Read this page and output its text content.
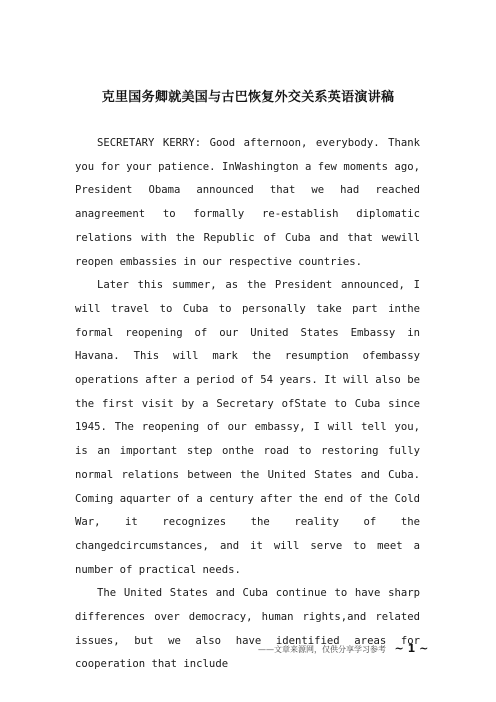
克里国务卿就美国与古巴恢复外交关系英语演讲稿

SECRETARY KERRY: Good afternoon, everybody. Thank you for your patience. InWashington a few moments ago, President Obama announced that we had reached anagreement to formally re-establish diplomatic relations with the Republic of Cuba and that wewill reopen embassies in our respective countries.

Later this summer, as the President announced, I will travel to Cuba to personally take part inthe formal reopening of our United States Embassy in Havana. This will mark the resumption ofembassy operations after a period of 54 years. It will also be the first visit by a Secretary ofState to Cuba since 1945. The reopening of our embassy, I will tell you, is an important step onthe road to restoring fully normal relations between the United States and Cuba. Coming aquarter of a century after the end of the Cold War, it recognizes the reality of the changedcircumstances, and it will serve to meet a number of practical needs.

The United States and Cuba continue to have sharp differences over democracy, human rights,and related issues, but we also have identified areas for cooperation that include

——文章来源网，仅供分享学习参考 ~ 1 ~
